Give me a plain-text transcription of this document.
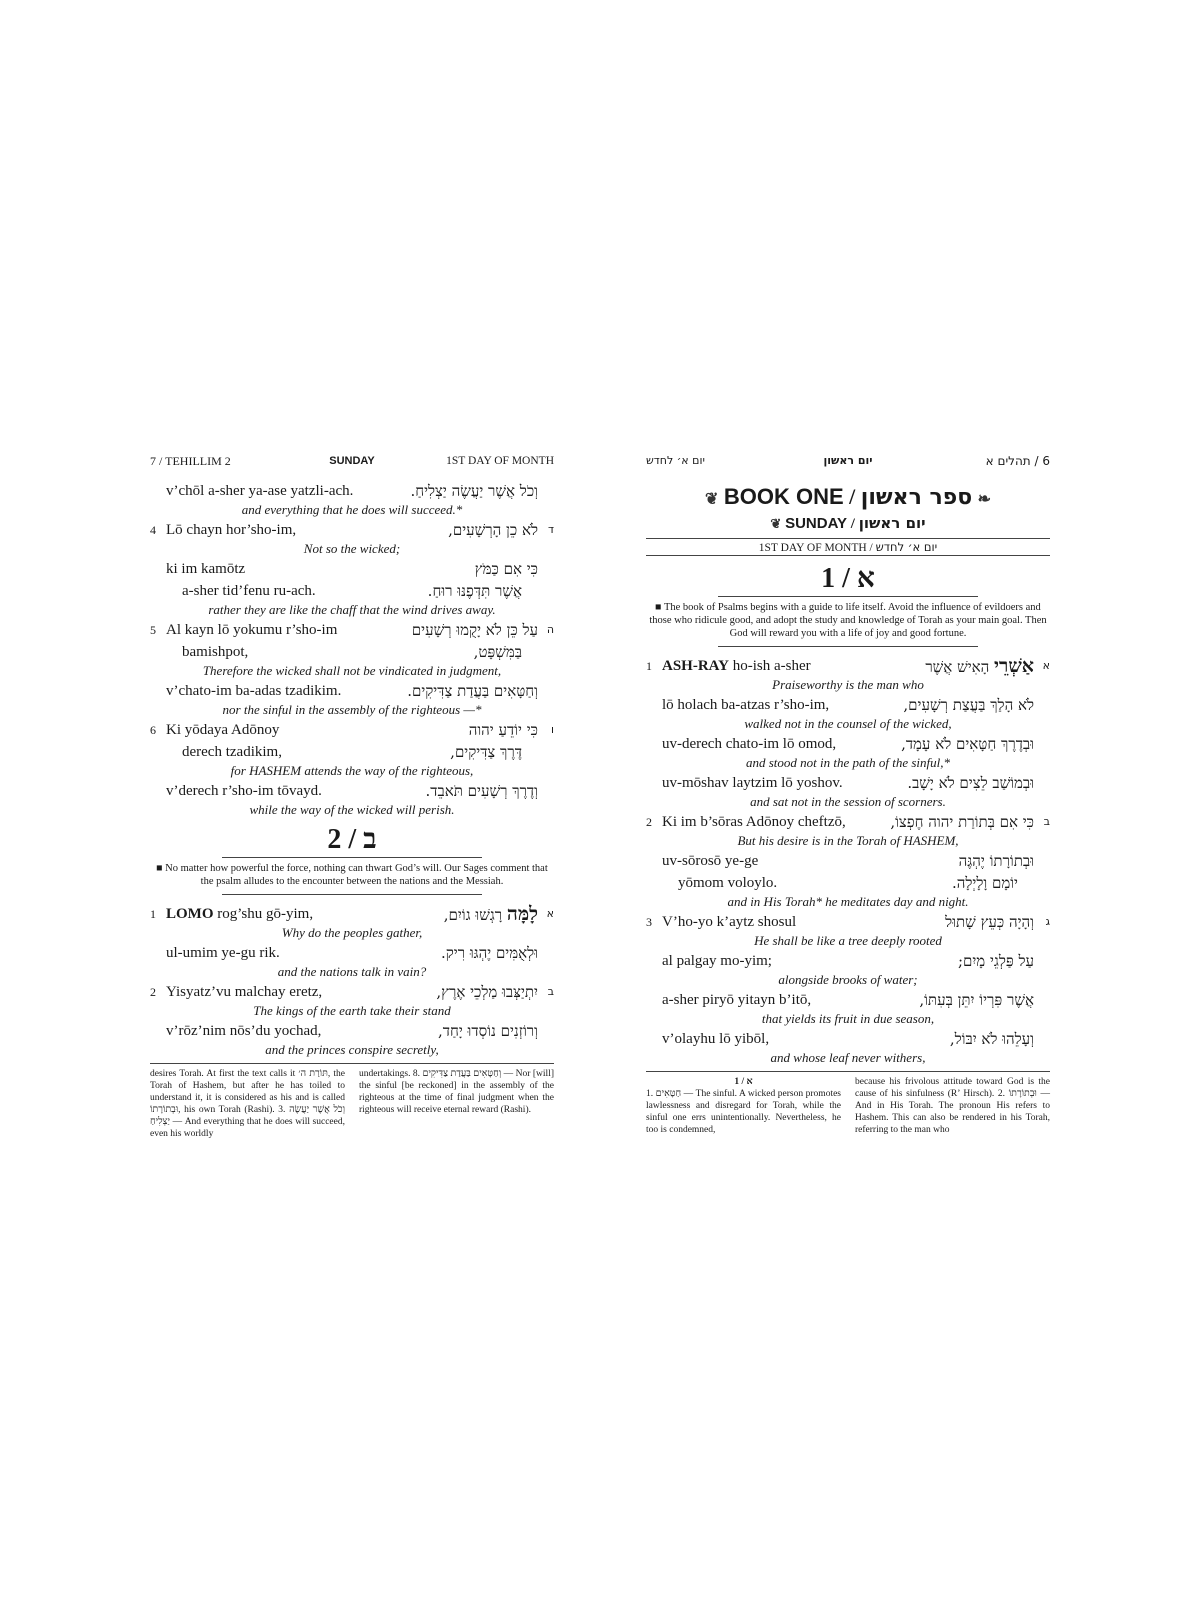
7 / TEHILLIM 2	SUNDAY	1ST DAY OF MONTH
v’chōl a-sher ya-ase yatzli-ach.	וְכֹל אֲשֶׁר יַעֲשֶׂה יַצְלִיחַ.
and everything that he does will succeed.*
4 Lō chayn hor’sho-im,	לֹא כֵן הָרְשָׁעִים, ד
Not so the wicked;
ki im kamōtz	כִּי אִם כַּמֹּץ
a-sher tid’fenu ru-ach.	אֲשֶׁר תִּדְּפֶנּוּ רוּחַ.
rather they are like the chaff that the wind drives away.
5 Al kayn lō yokumu r’sho-im	עַל כֵּן לֹא יָקֻמוּ רְשָׁעִים ה
bamishpot,	בַּמִּשְׁפָּט,
Therefore the wicked shall not be vindicated in judgment,
v’chato-im ba-adas tzadikim.	וְחַטָּאִים בַּעֲדַת צַדִּיקִים.
nor the sinful in the assembly of the righteous —*
6 Ki yōdaya Adōnoy	כִּי יוֹדֵעַ יהוה	ו
derech tzadikim,	דֶּרֶךְ צַדִּיקִים,
for HASHEM attends the way of the righteous,
v’derech r’sho-im tōvayd.	וְדֶרֶךְ רְשָׁעִים תֹּאבֵד.
while the way of the wicked will perish.
2 / ב
■ No matter how powerful the force, nothing can thwart God’s will. Our Sages comment that the psalm alludes to the encounter between the nations and the Messiah.
1 LOMO rog’shu gō-yim,	לָמָּה רָגְשׁוּ גוֹיִם,	א
Why do the peoples gather,
ul-umim ye-gu rik.	וּלְאֻמִּים יֶהְגּוּ רִיק.
and the nations talk in vain?
2 Yisyatz’vu malchay eretz,	יִתְיַצְּבוּ מַלְכֵי אֶרֶץ, ב
The kings of the earth take their stand
v’rōz’nim nōs’du yochad,	וְרוֹזְנִים נוֹסְדוּ יָחַד,
and the princes conspire secretly,

desires Torah. At first the text calls it תּוֹרַת ה׳, the Torah of Hashem, but after he has toiled to understand it, it is considered as his and is called וּבְתוֹרָתוֹ, his own Torah (Rashi). 3. וְכֹל אֲשֶׁר יַעֲשֶׂה יַצְלִיחַ — And everything that he does will succeed, even his worldly

undertakings. 8. וְחַטָּאִים בַּעֲדַת צַדִּיקִים — Nor [will] the sinful [be reckoned] in the assembly of the righteous at the time of final judgment when the righteous will receive eternal reward (Rashi).

יום א׳ לחדש	יום ראשון	6 / תהלים א
❦ BOOK ONE / ספר ראשון ❧
❦ SUNDAY / יום ראשון
1ST DAY OF MONTH / יום א׳ לחדש
1 / א
■ The book of Psalms begins with a guide to life itself. Avoid the influence of evildoers and those who ridicule good, and adopt the study and knowledge of Torah as your main goal. Then God will reward you with a life of joy and good fortune.
1 ASH-RAY ho-ish a-sher	אַשְׁרֵי הָאִישׁ אֲשֶׁר	א
Praiseworthy is the man who
lō holach ba-atzas r’sho-im,	לֹא הָלַךְ בַּעֲצַת רְשָׁעִים,
walked not in the counsel of the wicked,
uv-derech chato-im lō omod,	וּבְדֶרֶךְ חַטָּאִים לֹא עָמָד,
and stood not in the path of the sinful,*
uv-mōshav laytzim lō yoshov.	וּבְמוֹשַׁב לֵצִים לֹא יָשָׁב.
and sat not in the session of scorners.
2 Ki im b’sōras Adōnoy cheftzō,	כִּי אִם בְּתוֹרַת יהוה חֶפְצוֹ, ב
But his desire is in the Torah of HASHEM,
uv-sōrosō ye-ge	וּבְתוֹרָתוֹ יֶהְגֶּה
yōmom voloylo.	יוֹמָם וָלָיְלָה.
and in His Torah* he meditates day and night.
3 V’ho-yo k’aytz shosul	וְהָיָה כְּעֵץ שָׁתוּל	ג
He shall be like a tree deeply rooted
al palgay mo-yim;	עַל פַּלְגֵי מָיִם;
alongside brooks of water;
a-sher piryō yitayn b’itō,	אֲשֶׁר פִּרְיוֹ יִתֵּן בְּעִתּוֹ,
that yields its fruit in due season,
v’olayhu lō yibōl,	וְעָלֵהוּ לֹא יִבּוֹל,
and whose leaf never withers,

1 / א

1. חַטָּאִים — The sinful. A wicked person promotes lawlessness and disregard for Torah, while the sinful one errs unintentionally. Nevertheless, he too is condemned,

because his frivolous attitude toward God is the cause of his sinfulness (R’ Hirsch). 2. וּבְתוֹרָתוֹ — And in His Torah. The pronoun His refers to Hashem. This can also be rendered in his Torah, referring to the man who
